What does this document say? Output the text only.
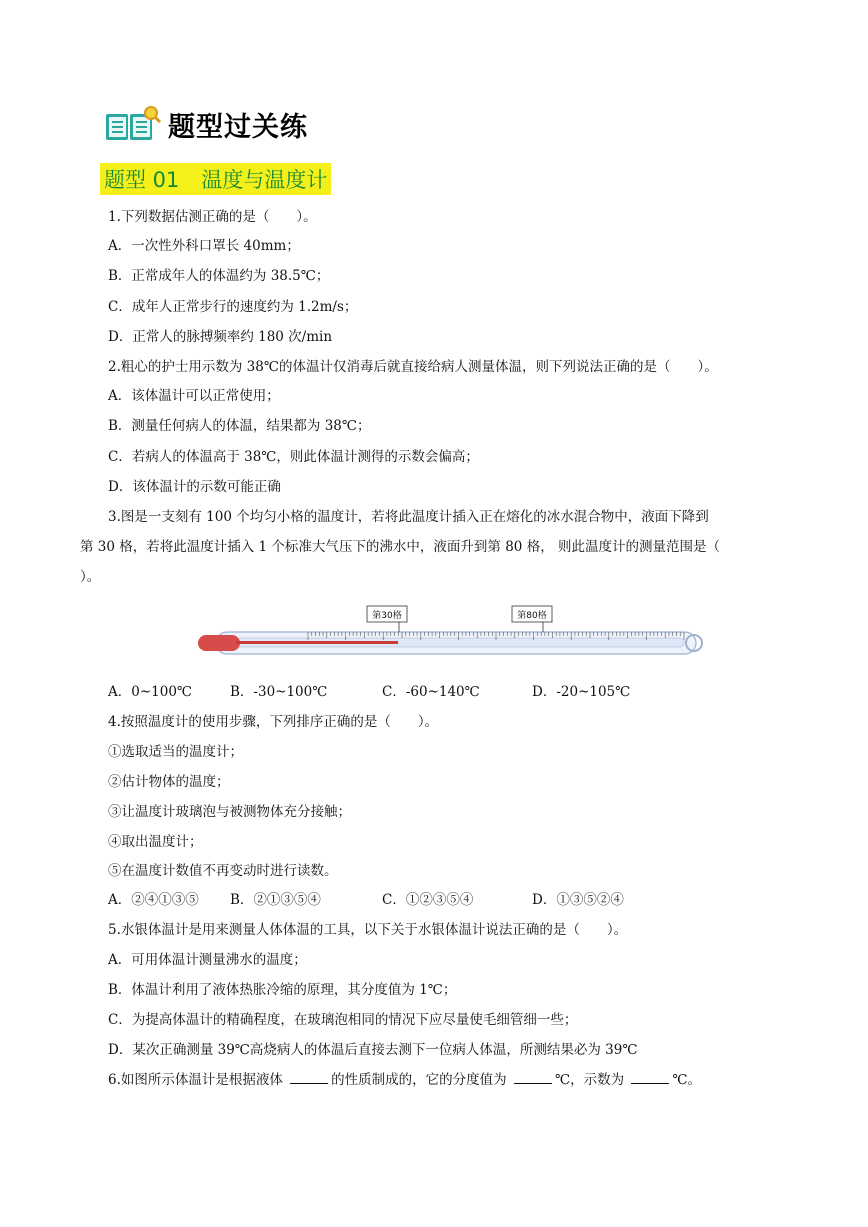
题型过关练
题型 01 温度与温度计
1.下列数据估测正确的是（　　）。
A．一次性外科口罩长 40mm；
B．正常成年人的体温约为 38.5℃；
C．成年人正常步行的速度约为 1.2m/s；
D．正常人的脉搏频率约 180 次/min
2.粗心的护士用示数为 38℃的体温计仅消毒后就直接给病人测量体温，则下列说法正确的是（　　）。
A．该体温计可以正常使用；
B．测量任何病人的体温，结果都为 38℃；
C．若病人的体温高于 38℃，则此体温计测得的示数会偏高；
D．该体温计的示数可能正确
3.图是一支刻有 100 个均匀小格的温度计，若将此温度计插入正在熔化的冰水混合物中，液面下降到
第 30 格，若将此温度计插入 1 个标准大气压下的沸水中，液面升到第 80 格， 则此温度计的测量范围是（
）。
第30格	第80格
A．0~100℃	B．-30~100℃	C．-60~140℃	D．-20~105℃
4.按照温度计的使用步骤，下列排序正确的是（　　）。
①选取适当的温度计；
②估计物体的温度；
③让温度计玻璃泡与被测物体充分接触；
④取出温度计；
⑤在温度计数值不再变动时进行读数。
A．②④①③⑤ B．②①③⑤④	C．①②③⑤④	D．①③⑤②④
5.水银体温计是用来测量人体体温的工具，以下关于水银体温计说法正确的是（　　）。
A．可用体温计测量沸水的温度；
B．体温计利用了液体热胀冷缩的原理，其分度值为 1℃；
C．为提高体温计的精确程度，在玻璃泡相同的情况下应尽量使毛细管细一些；
D．某次正确测量 39℃高烧病人的体温后直接去测下一位病人体温，所测结果必为 39℃
6.如图所示体温计是根据液体	的性质制成的，它的分度值为	℃，示数为	℃。
